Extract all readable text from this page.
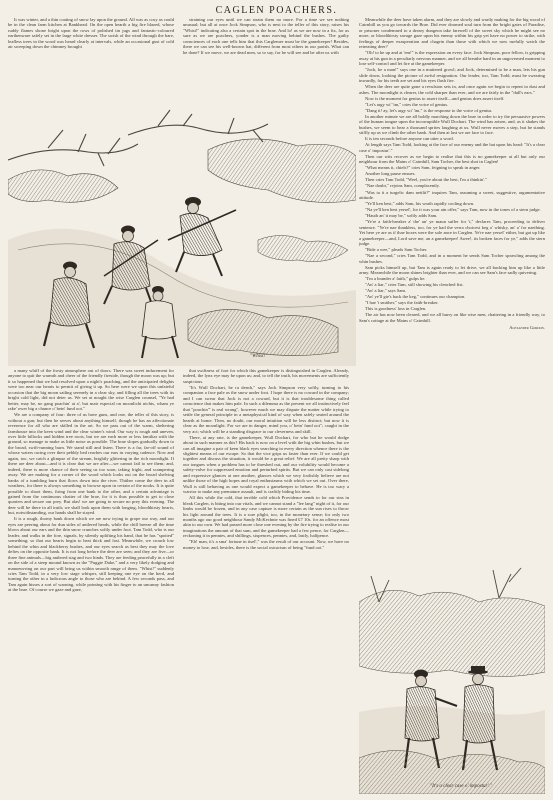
CAGLEN POACHERS.

It was winter, and a thin coating of snow lay upon the ground. All was as cosy as could be in the clean farm kitchen at Bankhead. On the open hearth a big fire blazed, whose ruddy flames shone bright upon the rows of polished tin jugs and fantastic-coloured earthenware safely set in the large white dresser. The swish of the wind through the bare, leafless trees in the wood was heard clearly at intervals, while an occasional gust of cold air sweeping down the chimney brought

straining our eyes until we can strain them no more. For a time we see nothing unusual; but all at once Jock Simpson, who is next to the teller of this story, raises his "Whist!" indicating also a certain spot in the brae. And lo! as we are now in a fix, for as sure as we are poachers, yonder is a man moving behind the bushes. The guilty consciences of each one tells him that this Carglemer must be the gamekeeper! Besides, there we can see his well-known hat, different from most others in our parish. What can be done? If we move, we are dead men, so to say, for he will see and be after us with

Meanwhile the deer have taken alarm, and they are slowly and warily making for the big wood of Cairnhill as you go towards the Brae. Did ever doomed soul turn from the bright gates of Paradise, or prisoner condemned to a dreary dungeon take farewell of the sweet sky which he might see no more, or bloodthirsty savage gaze upon his enemy within his grip yet have no power to strike, with feelings of deeper exasperation and chagrin than those with which we now ruefully watch the retreating deer?

"Oh! to be up and at 'em!" is the expression on every face. Jock Simpson, poor fellow, is gripping away at his gun in a peculiarly nervous manner, and we all breathe hard in an ungoverned moment to lose self-control and let fire at the gamekeeper.

"Jock, be a man!" says one in a muttered growl; and Jock, determined to be a man, lets his gun slide down, looking the picture of awful resignation. Our leader, too, Tam Todd, must be swearing inwardly, for his teeth are set and his eyes flash fire.

When the deer are quite gone a revulsion sets in, and once again we begin to repent in dust and ashes. The moonlight is clearer, the cold sharper than ever, and we are fairly in the "dull's ears."

Now is the moment for genius to assert itself—and genius does assert itself.

"Let's argy wi' 'im," cries the voice of genius.

"Dang it! ay, let's argy wi' 'im," is the response to the voice of genius.

In another minute we are all boldly marching down the brae in order to try the persuasive powers of the human tongue upon the incorruptible Wull Dochart. The wind has arisen, and, as it shakes the bushes, we seem to hear a thousand sprites laughing at us. Wull never moves a step, but he stands stiffly up as we climb the other bank. And then at last we are face to face.

It is ten seconds before anyone can utter a word.

At length says Tam Todd, looking at the face of our enemy and the hat upon his head: "It's a clear case o' impostur'."

Then our wits recover as we begin to realise that this is no gamekeeper at all but only our neighbour from the Mains o' Cairnhill, Sam Tocher, the best shot in Caglen!

"What means it, chiels?" cries Sam, feigning to speak in anger.

Another long pause ensues.

Then cries Tam Todd, "Weel, you're about the best, I'm a thinkin'."

"Nae doubt," rejoins Sam, complacently.

"Was ta it a turgelic dam nettlit?" inquires Tam, assuming a sweet, suggestive, argumentative attitude.

"Ye'll ken best," adds Sam, his wrath rapidly cooling down.

"Na ye'll ken best yersel', for it was your ain offer," says Tam, now in the tones of a stern judge.

"Hauth an' it may be," softly adds Sam.

"Ye're a faith-breaker a' the' an' ye maun suffer for 't," declares Tam, proceeding to deliver sentence. "Ye're nae thankless, too, for ye had the verra choicest keg o' whisky, an' a' for naething. Yet here ye are as if thae boxes were the sole ance in Carglen. Ye're nae yersel' either, but gat up like a gamekeeper—and, Lord save me, an a gamekeeper! Awee!, its broken faces for ye," adds the stern judge.

"Bide a wee," pleads Sam Tocher.

"Nae a second," cries Tam Todd, and in a moment he sends Sam Tocher sprawling among the whin bushes.

Sam picks himself up, but Tam is again ready to let drive, we all backing him up like a little army. Meanwhile the moon shines brighter than ever, and we can see Sam's face sadly quivering.

"I'm a brander a' faith," gulps he.

"An' a liar," cries Tam, still showing his clenched fist.

"An' a liar," says Sam.

"An' ye'll gie's back the keg," continues our champion.

"I hae 't smither," says the faith-breaker.

This is goodness' loss in Carglen.

The air has now been cleared, and we all hurry on like wise men, chattering in a friendly way, to Sam's cottage at the Mains o' Cairnhill.

Alexander Gordon.

a many whiff of the frosty atmosphere out of doors. There was sweet inducement for anyone to quit the warmth and cheer of the friendly fireside, though the moon was up; but it so happened that we had resolved upon a night's poaching, and the anticipated delights were too near our hearts to permit of giving it up. So here were we upon this unfateful occasion that the big moon sailing serenely in a clear sky, and filling all the trees with its bright cold light, did not deter us. We set at nought the wise Carglen counsel, "Ye had better, may be, no gang poachin' at a', but mair especial on moonlicht nichts, wham ye rake' ower big a chance o' bein' fund oot."

We are a company of four: three of us have guns, and one, the teller of this story, is without a gun; but then he serves about anything himself, though he has an affectionate reverence for all who are skilled in the art. So we pass out of the warm, sheltering farmhouse into the keen wind and the clear winter's wind. Our way is rough and uneven, over little hillocks and hidden tree roots, but we are each more or less familiar with the ground, so manage to make as little noise as possible. The brae slopes gradually down to the broad, swift-running burn. We stand still and listen. There is a far, far-off sound of whose waters racing over their pebbly bed reaches our ears in varying cadence. Now and again, too, we catch a glimpse of the stream, brightly glittering in the rich moonlight. If there are deer about—and it is clear that we are after—we cannot fail to see them; and, indeed, there is more chance of their seeing us too soon, taking fright, and scampering away. We are making for a corner of the wood which looks out on the broad shelving banks of a tumbling burn that flows down into the river. Thither come the deer in all weathers, for there is always something to browse upon in certain of the nooks. It is quite possible to shoot them, firing from one bank to the other, and a certain advantage is gained from the continuous chatter of the brae, for it is thus possible to get to close quarters and secure our prey. But alas! we are going to secure no prey this evening. The deer will be there in all truth; we shall look upon them with longing, bloodthirsty hearts, but, notwithstanding, our hands shall be stayed.

It is a rough, thorny bank down which we are now trying to grope our way, and our eyes are peering about for dun sides of antlered heads, while the chill breeze all the time blows about our ears and the thin snow crunches softly under foot. Tam Todd, who is our leader, and walks in the fore, signals, by silently uplifting his hand, that he has "spotted" something; so that our hearts begin to beat thick and fast. Meanwhile, we crouch low behind the whin and blackberry bushes, and our eyes search as best they may the love defies on the opposite bank. It is not long before the deer are seen; and they are five—or three fine animals—big antlered stag and two hinds. They are feeding peacefully in a cleft on the side of a steep mound known as the "Puggie Duke," and a very likely dodging and manoeuvring on our part will bring us within smooth range of them. "Whist!" suddenly cries Tam Todd, in a very low stage whisper, still keeping one eye on the herd, and turning the other in a ludicrous angle to those who are behind. A few seconds pass, and Tam again hisses a sort of warning, while pointing with his finger to an uncanny fashion at the brae. Of course we gaze and gaze,

that swiftness of foot for which this gamekeeper is distinguished in Carglen. Already, indeed, the lynx eye may be upon us; and, to tell the truth, his movements are sufficiently suspicious.

"It's Wull Dochart, be ra dench," says Jock Simpson very softly, turning to his companion a face pale as the snow under foot. I hope there is no coward in the company; and I can swear that Jock is not a coward, but it is that troublesome thing called conscience that makes him pale. In such a dilemma as the present we all instinctively feel that "poachin'" is real wrang", however much we may dispute the matter while trying to settle the general principle in a metaphysical kind of way when safely seated around the hearth at home. Then, no doubt, our moral intuition will be less distinct; but now it is clear as the moonlight. For we are in danger, mind you, o' bein' fund oot"; caught in the very act; which will be a standing disgrace to our cleverness and skill.

There, at any rate, is the gamekeeper, Wull Dochart, for who but he would dodge about in such manner as this? His back is now on a level with the big whin bushes, but we can all imagine a pair of keen black eyes searching in every direction whence there is the slightest means of our escape. So that the vice grips us faster than ever. If we could get together and discuss the situation, it would be a great relief. We are all pretty sharp with our tongues when a problem has to be threshed out, and our volubility would become a safety-valve for suppressed emotion and perturbed spirits. But we can only cast sidelong and expressive glances at one another, glances which we very foolishly believe are not unlike those of the high hopes and royal enthusiasms with which we set out. Over there, Wull is still behaving as one would expect a gamekeeper to behave. He is too wary a warrior to make any premature assault, and is craftily biding his time.

All this while the cold, that terrible cold which Providence sends to for our sins in bleak Carglen, is biting into our vitals, and we cannot stand a "lee lang" night of it, for our limbs would be frozen, and in any case capture is more certain as the sun rises to throw his light around the trees. It is a sore plight, too, in the monetary sense; for only two months ago our good neighbour Sandy McKechnie was fined £7 10s. for an offence most akin to our own. We had passed more close one evening by the fire trying to realise in our imaginations the amount of that sum, and the gamekeeper had a few pence, for Carglen—reckoning it in pennies, and shillings, sixpences, pennies, and, lastly, halfpence.

"Eh! man, it's a sma' fortune in itsel'," was the result of our account. Now, we have no money to lose, and, besides, there is the social ostracism of being "fund oot."

"Whist!"
"It's a clear case o' impostur'."
